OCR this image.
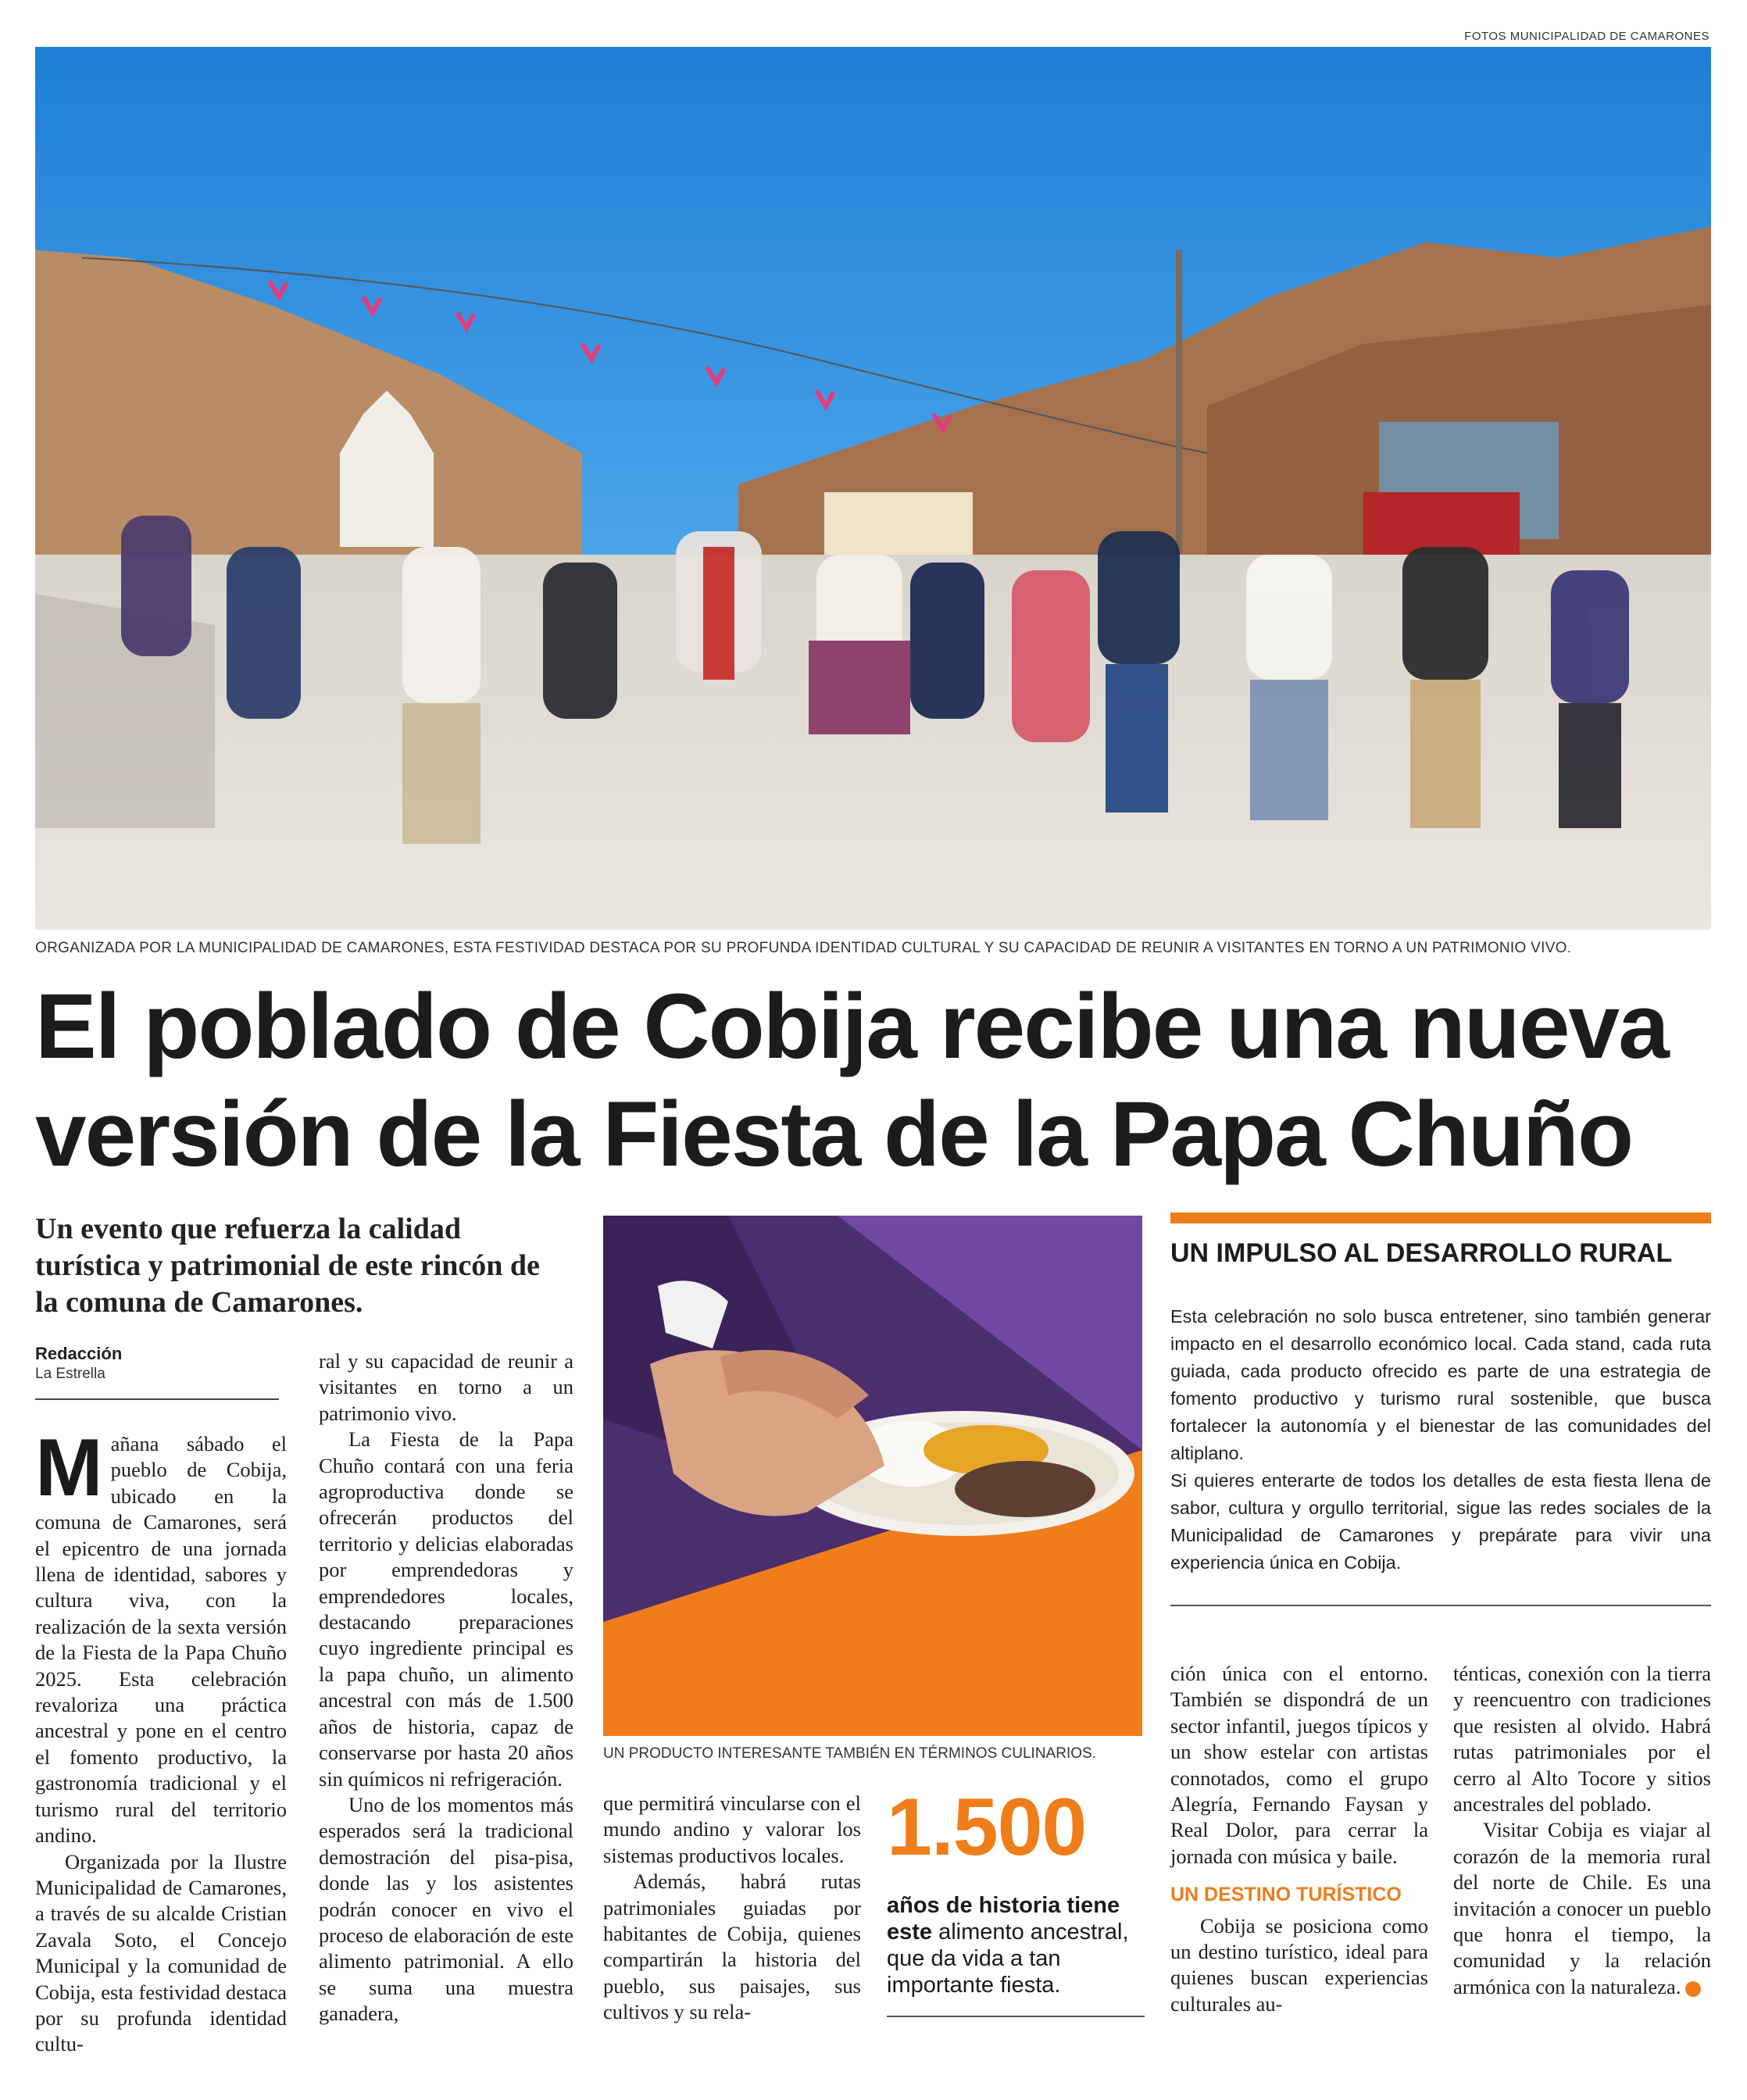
FOTOS MUNICIPALIDAD DE CAMARONES
ORGANIZADA POR LA MUNICIPALIDAD DE CAMARONES, ESTA FESTIVIDAD DESTACA POR SU PROFUNDA IDENTIDAD CULTURAL Y SU CAPACIDAD DE REUNIR A VISITANTES EN TORNO A UN PATRIMONIO VIVO.
El poblado de Cobija recibe una nueva
versión de la Fiesta de la Papa Chuño
Un evento que refuerza la calidad turística y patrimonial de este rincón de la comuna de Camarones.
Redacción
La Estrella

Mañana sábado el pueblo de Cobija, ubicado en la comuna de Camarones, será el epicentro de una jornada llena de identidad, sabores y cultura viva, con la realización de la sexta versión de la Fiesta de la Papa Chuño 2025. Esta celebración revaloriza una práctica ancestral y pone en el centro el fomento productivo, la gastronomía tradicional y el turismo rural del territorio andino.

Organizada por la Ilustre Municipalidad de Camarones, a través de su alcalde Cristian Zavala Soto, el Concejo Municipal y la comunidad de Cobija, esta festividad destaca por su profunda identidad cultu-

ral y su capacidad de reunir a visitantes en torno a un patrimonio vivo.

La Fiesta de la Papa Chuño contará con una feria agroproductiva donde se ofrecerán productos del territorio y delicias elaboradas por emprendedoras y emprendedores locales, destacando preparaciones cuyo ingrediente principal es la papa chuño, un alimento ancestral con más de 1.500 años de historia, capaz de conservarse por hasta 20 años sin químicos ni refrigeración.

Uno de los momentos más esperados será la tradicional demostración del pisa-pisa, donde las y los asistentes podrán conocer en vivo el proceso de elaboración de este alimento patrimonial. A ello se suma una muestra ganadera,

UN PRODUCTO INTERESANTE TAMBIÉN EN TÉRMINOS CULINARIOS.

que permitirá vincularse con el mundo andino y valorar los sistemas productivos locales.

Además, habrá rutas patrimoniales guiadas por habitantes de Cobija, quienes compartirán la historia del pueblo, sus paisajes, sus cultivos y su rela-

1.500
años de historia tiene este alimento ancestral, que da vida a tan importante fiesta.
UN IMPULSO AL DESARROLLO RURAL

Esta celebración no solo busca entretener, sino también generar impacto en el desarrollo económico local. Cada stand, cada ruta guiada, cada producto ofrecido es parte de una estrategia de fomento productivo y turismo rural sostenible, que busca fortalecer la autonomía y el bienestar de las comunidades del altiplano.

Si quieres enterarte de todos los detalles de esta fiesta llena de sabor, cultura y orgullo territorial, sigue las redes sociales de la Municipalidad de Camarones y prepárate para vivir una experiencia única en Cobija.

ción única con el entorno. También se dispondrá de un sector infantil, juegos típicos y un show estelar con artistas connotados, como el grupo Alegría, Fernando Faysan y Real Dolor, para cerrar la jornada con música y baile.

UN DESTINO TURÍSTICO

Cobija se posiciona como un destino turístico, ideal para quienes buscan experiencias culturales au-

ténticas, conexión con la tierra y reencuentro con tradiciones que resisten al olvido. Habrá rutas patrimoniales por el cerro al Alto Tocore y sitios ancestrales del poblado.

Visitar Cobija es viajar al corazón de la memoria rural del norte de Chile. Es una invitación a conocer un pueblo que honra el tiempo, la comunidad y la relación armónica con la naturaleza.	✪
